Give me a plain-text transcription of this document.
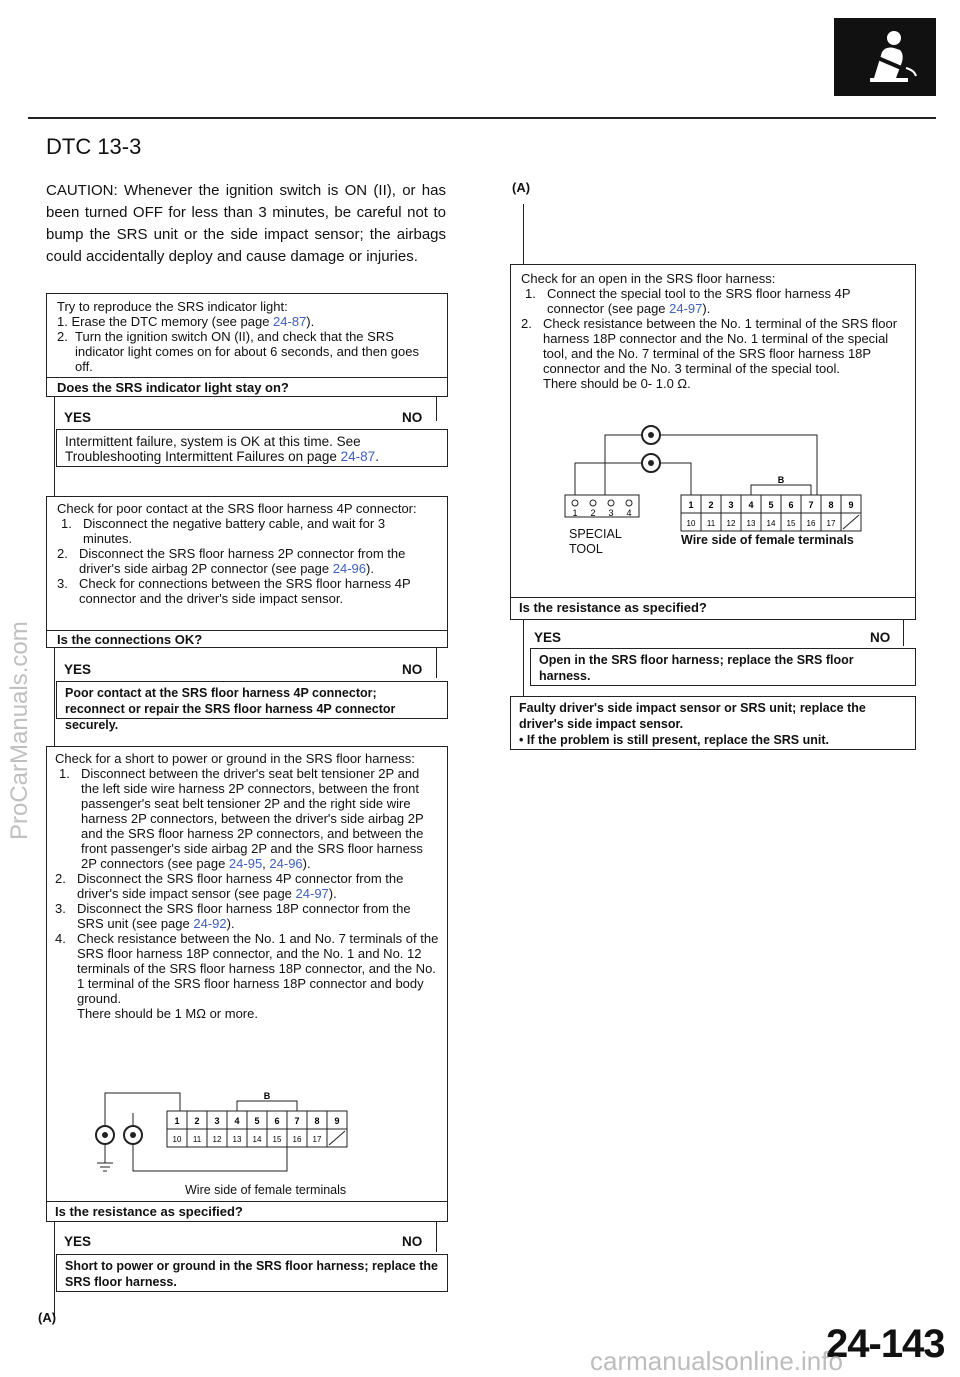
DTC 13-3
ProCarManuals.com
CAUTION: Whenever the ignition switch is ON (II), or has been turned OFF for less than 3 minutes, be careful not to bump the SRS unit or the side impact sensor; the airbags could accidentally deploy and cause damage or injuries.
Try to reproduce the SRS indicator light:
1. Erase the DTC memory (see page 24-87).
2. Turn the ignition switch ON (II), and check that the SRS indicator light comes on for about 6 seconds, and then goes off.
Does the SRS indicator light stay on?
YES	NO
Intermittent failure, system is OK at this time. See Troubleshooting Intermittent Failures on page 24-87.
Check for poor contact at the SRS floor harness 4P connector:
1. Disconnect the negative battery cable, and wait for 3 minutes.
2. Disconnect the SRS floor harness 2P connector from the driver's side airbag 2P connector (see page 24-96).
3. Check for connections between the SRS floor harness 4P connector and the driver's side impact sensor.
Is the connections OK?
YES	NO
Poor contact at the SRS floor harness 4P connector; reconnect or repair the SRS floor harness 4P connector securely.
Check for a short to power or ground in the SRS floor harness:
1. Disconnect between the driver's seat belt tensioner 2P and the left side wire harness 2P connectors, between the front passenger's seat belt tensioner 2P and the right side wire harness 2P connectors, between the driver's side airbag 2P and the SRS floor harness 2P connectors, and between the front passenger's side airbag 2P and the SRS floor harness 2P connectors (see page 24-95, 24-96).
2. Disconnect the SRS floor harness 4P connector from the driver's side impact sensor (see page 24-97).
3. Disconnect the SRS floor harness 18P connector from the SRS unit (see page 24-92).
4. Check resistance between the No. 1 and No. 7 terminals of the SRS floor harness 18P connector, and the No. 1 and No. 12 terminals of the SRS floor harness 18P connector, and the No. 1 terminal of the SRS floor harness 18P connector and body ground.
There should be 1 MΩ or more.
1 2 3 4 5 6 7 8 9
10 11 12 13 14 15 16 17
B
Wire side of female terminals
Is the resistance as specified?
YES	NO
Short to power or ground in the SRS floor harness; replace the SRS floor harness.
(A)
(A)
Check for an open in the SRS floor harness:
1. Connect the special tool to the SRS floor harness 4P connector (see page 24-97).
2. Check resistance between the No. 1 terminal of the SRS floor harness 18P connector and the No. 1 terminal of the special tool, and the No. 7 terminal of the SRS floor harness 18P connector and the No. 3 terminal of the special tool.
There should be 0- 1.0 Ω.
1 2 3 4 5 6 7 8 9
10 11 12 13 14 15 16 17
B
1 2 3 4
SPECIAL
TOOL
Wire side of female terminals
Is the resistance as specified?
YES	NO
Open in the SRS floor harness; replace the SRS floor harness.
Faulty driver's side impact sensor or SRS unit; replace the driver's side impact sensor.
• If the problem is still present, replace the SRS unit.
24-143
carmanualsonline.info
